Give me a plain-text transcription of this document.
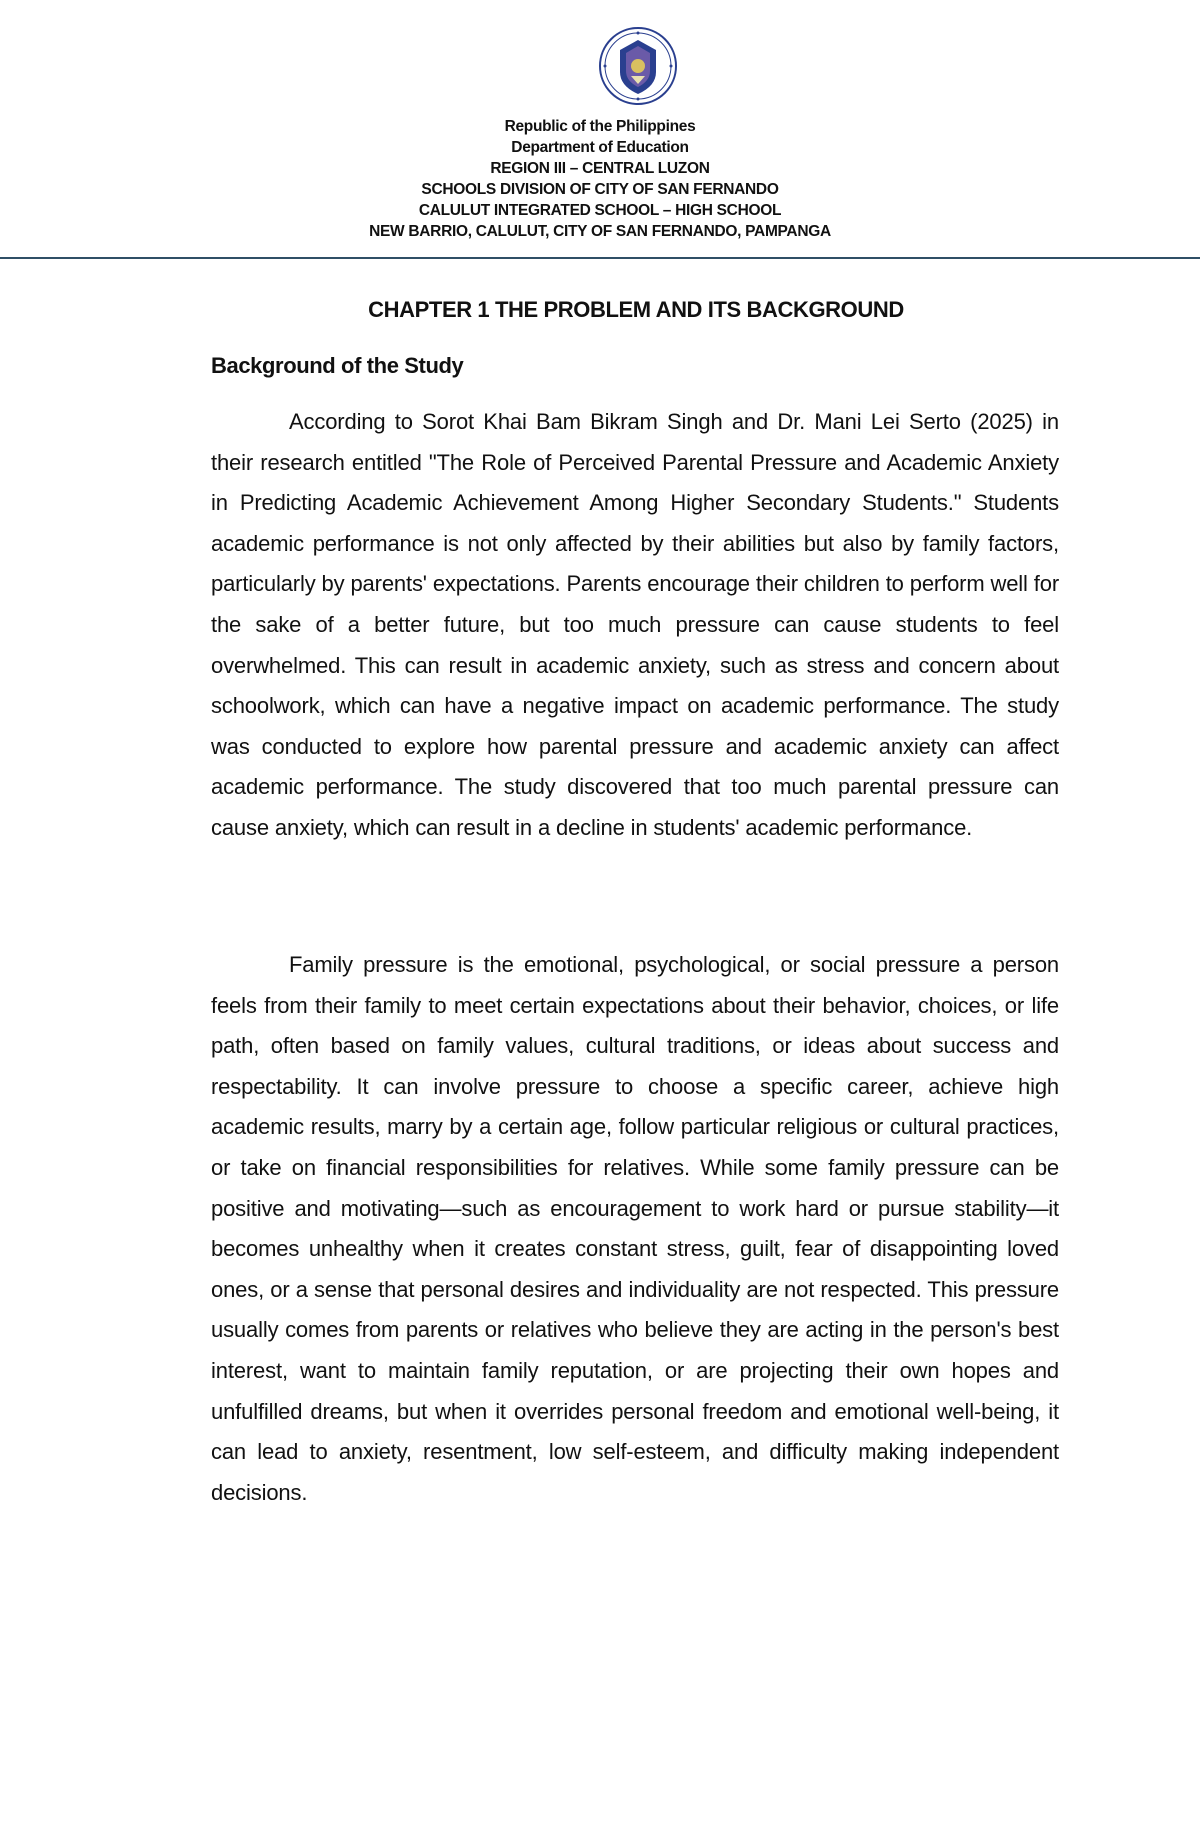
Republic of the Philippines
Department of Education
REGION III – CENTRAL LUZON
SCHOOLS DIVISION OF CITY OF SAN FERNANDO
CALULUT INTEGRATED SCHOOL – HIGH SCHOOL
NEW BARRIO, CALULUT, CITY OF SAN FERNANDO, PAMPANGA
CHAPTER 1 THE PROBLEM AND ITS BACKGROUND
Background of the Study

According to Sorot Khai Bam Bikram Singh and Dr. Mani Lei Serto (2025) in their research entitled "The Role of Perceived Parental Pressure and Academic Anxiety in Predicting Academic Achievement Among Higher Secondary Students." Students academic performance is not only affected by their abilities but also by family factors, particularly by parents' expectations. Parents encourage their children to perform well for the sake of a better future, but too much pressure can cause students to feel overwhelmed. This can result in academic anxiety, such as stress and concern about schoolwork, which can have a negative impact on academic performance. The study was conducted to explore how parental pressure and academic anxiety can affect academic performance. The study discovered that too much parental pressure can cause anxiety, which can result in a decline in students' academic performance.

Family pressure is the emotional, psychological, or social pressure a person feels from their family to meet certain expectations about their behavior, choices, or life path, often based on family values, cultural traditions, or ideas about success and respectability. It can involve pressure to choose a specific career, achieve high academic results, marry by a certain age, follow particular religious or cultural practices, or take on financial responsibilities for relatives. While some family pressure can be positive and motivating—such as encouragement to work hard or pursue stability—it becomes unhealthy when it creates constant stress, guilt, fear of disappointing loved ones, or a sense that personal desires and individuality are not respected. This pressure usually comes from parents or relatives who believe they are acting in the person's best interest, want to maintain family reputation, or are projecting their own hopes and unfulfilled dreams, but when it overrides personal freedom and emotional well-being, it can lead to anxiety, resentment, low self-esteem, and difficulty making independent decisions.
